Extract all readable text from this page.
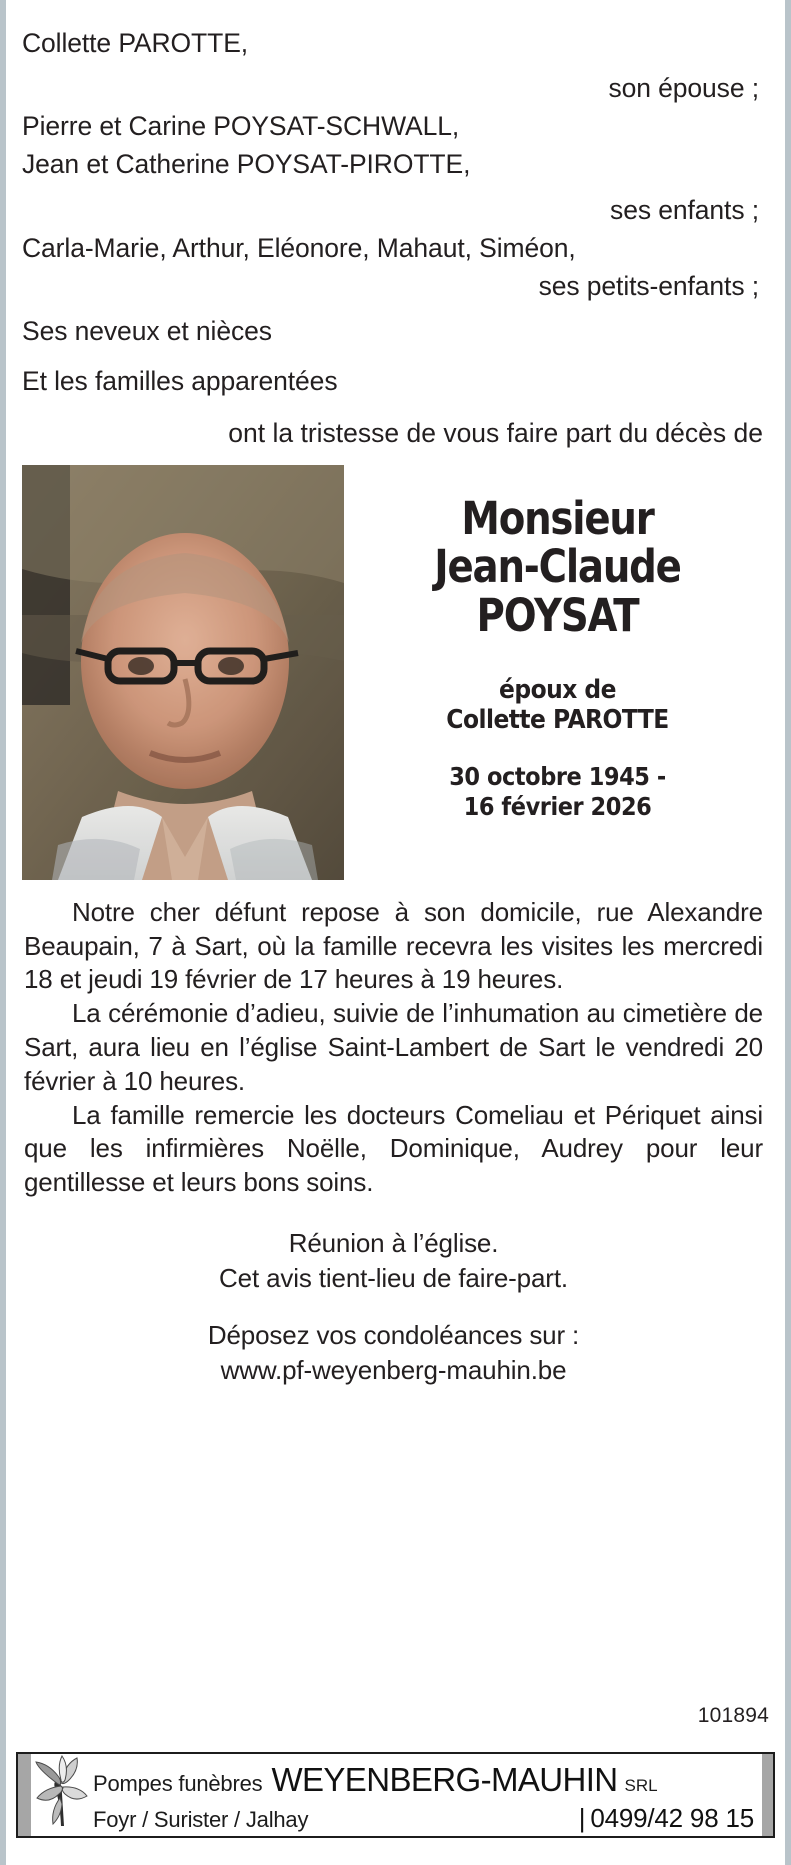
Collette PAROTTE,
son épouse ;
Pierre et Carine POYSAT-SCHWALL,
Jean et Catherine POYSAT-PIROTTE,
ses enfants ;
Carla-Marie, Arthur, Eléonore, Mahaut, Siméon,
ses petits-enfants ;
Ses neveux et nièces
Et les familles apparentées
ont la tristesse de vous faire part du décès de
Monsieur
Jean-Claude
POYSAT
époux de
Collette PAROTTE
30 octobre 1945 -
16 février 2026

Notre cher défunt repose à son domicile, rue Alexandre Beaupain, 7 à Sart, où la famille recevra les visites les mercredi 18 et jeudi 19 février de 17 heures à 19 heures.

La cérémonie d’adieu, suivie de l’inhumation au cimetière de Sart, aura lieu en l’église Saint-Lambert de Sart le vendredi 20 février à 10 heures.

La famille remercie les docteurs Comeliau et Périquet ainsi que les infirmières Noëlle, Dominique, Audrey pour leur gentillesse et leurs bons soins.

Réunion à l’église.
Cet avis tient-lieu de faire-part.
Déposez vos condoléances sur :
www.pf-weyenberg-mauhin.be
101894
Pompes funèbres WEYENBERG-MAUHIN SRL
Foyr / Surister / Jalhay	| 0499/42 98 15
